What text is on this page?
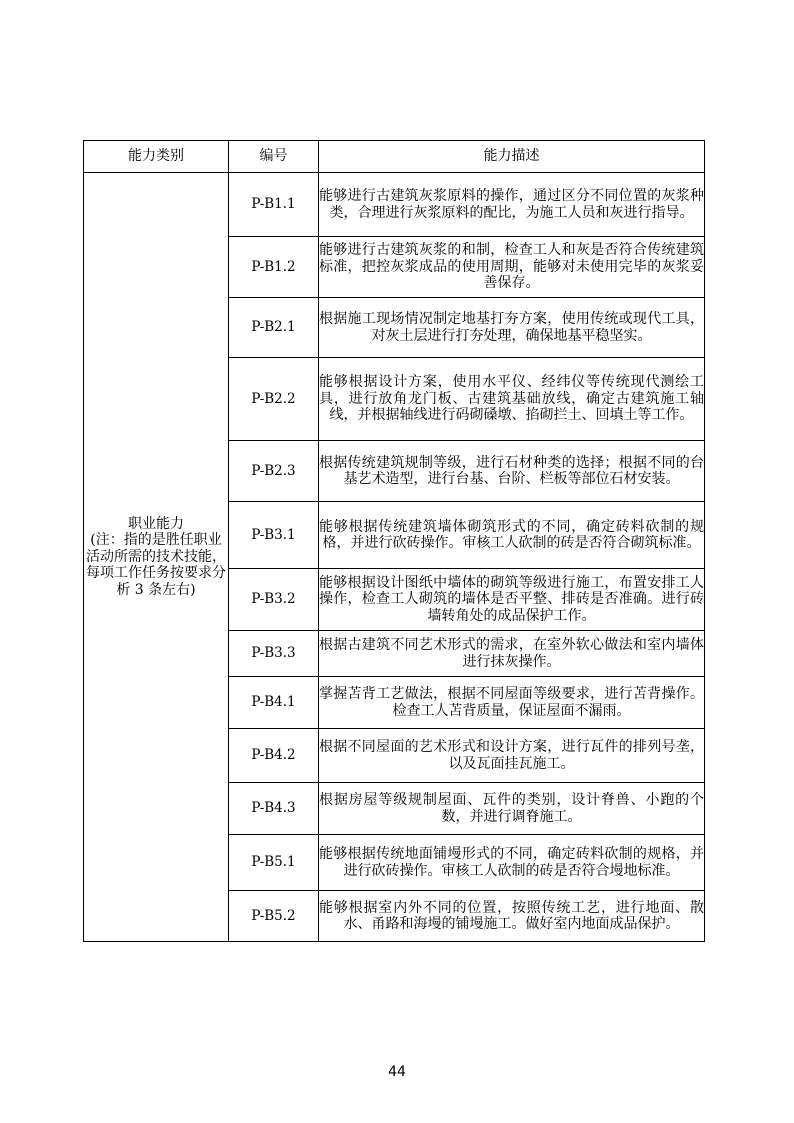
能力类别	编号	能力描述

职业能力
(注：指的是胜任职业活动所需的技术技能，每项工作任务按要求分析 3 条左右)	P-B1.1	能够进行古建筑灰浆原料的操作，通过区分不同位置的灰浆种类，合理进行灰浆原料的配比，为施工人员和灰进行指导。
	P-B1.2	能够进行古建筑灰浆的和制，检查工人和灰是否符合传统建筑标准，把控灰浆成品的使用周期，能够对未使用完毕的灰浆妥善保存。
	P-B2.1	根据施工现场情况制定地基打夯方案，使用传统或现代工具，对灰土层进行打夯处理，确保地基平稳坚实。
	P-B2.2	能够根据设计方案，使用水平仪、经纬仪等传统现代测绘工具，进行放角龙门板、古建筑基础放线，确定古建筑施工轴线，并根据轴线进行码砌磉墩、掐砌拦土、回填土等工作。
	P-B2.3	根据传统建筑规制等级，进行石材种类的选择；根据不同的台基艺术造型，进行台基、台阶、栏板等部位石材安装。
	P-B3.1	能够根据传统建筑墙体砌筑形式的不同，确定砖料砍制的规格，并进行砍砖操作。审核工人砍制的砖是否符合砌筑标准。
	P-B3.2	能够根据设计图纸中墙体的砌筑等级进行施工，布置安排工人操作，检查工人砌筑的墙体是否平整、排砖是否准确。进行砖墙转角处的成品保护工作。
	P-B3.3	根据古建筑不同艺术形式的需求，在室外软心做法和室内墙体进行抹灰操作。
	P-B4.1	掌握苫背工艺做法，根据不同屋面等级要求，进行苫背操作。检查工人苫背质量，保证屋面不漏雨。
	P-B4.2	根据不同屋面的艺术形式和设计方案，进行瓦件的排列号垄，以及瓦面挂瓦施工。
	P-B4.3	根据房屋等级规制屋面、瓦件的类别，设计脊兽、小跑的个数，并进行调脊施工。
	P-B5.1	能够根据传统地面铺墁形式的不同，确定砖料砍制的规格，并进行砍砖操作。审核工人砍制的砖是否符合墁地标准。
	P-B5.2	能够根据室内外不同的位置，按照传统工艺，进行地面、散水、甬路和海墁的铺墁施工。做好室内地面成品保护。
44
